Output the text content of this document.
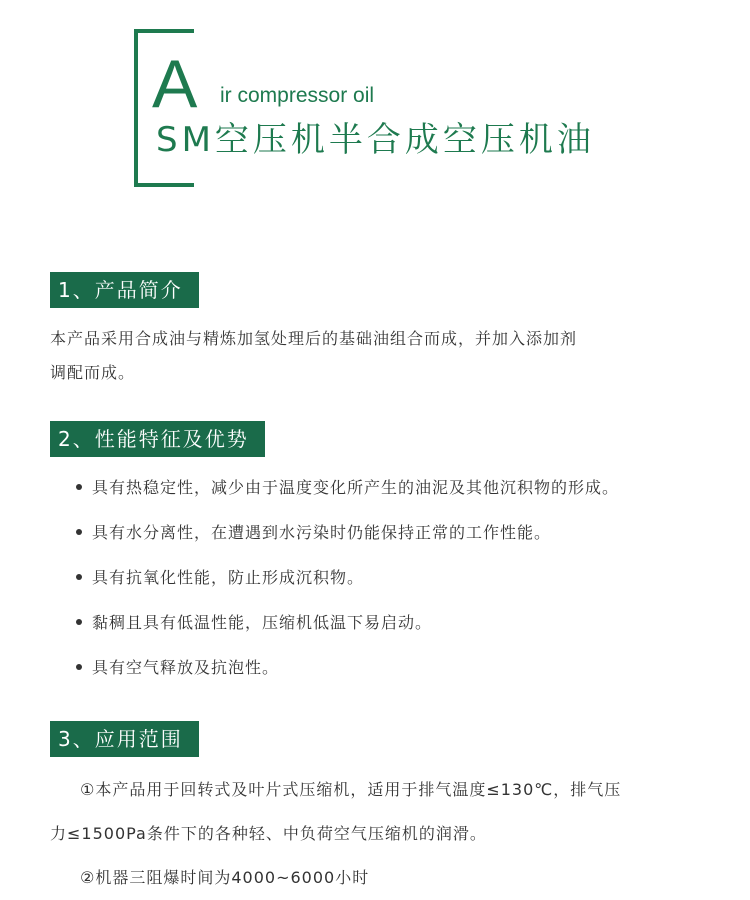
A ir compressor oil
SM空压机半合成空压机油
1、产品简介
本产品采用合成油与精炼加氢处理后的基础油组合而成，并加入添加剂
调配而成。
2、性能特征及优势
具有热稳定性，减少由于温度变化所产生的油泥及其他沉积物的形成。
具有水分离性，在遭遇到水污染时仍能保持正常的工作性能。
具有抗氧化性能，防止形成沉积物。
黏稠且具有低温性能，压缩机低温下易启动。
具有空气释放及抗泡性。
3、应用范围

①本产品用于回转式及叶片式压缩机，适用于排气温度≤130℃，排气压

力≤1500Pa条件下的各种轻、中负荷空气压缩机的润滑。

②机器三阻爆时间为4000~6000小时
